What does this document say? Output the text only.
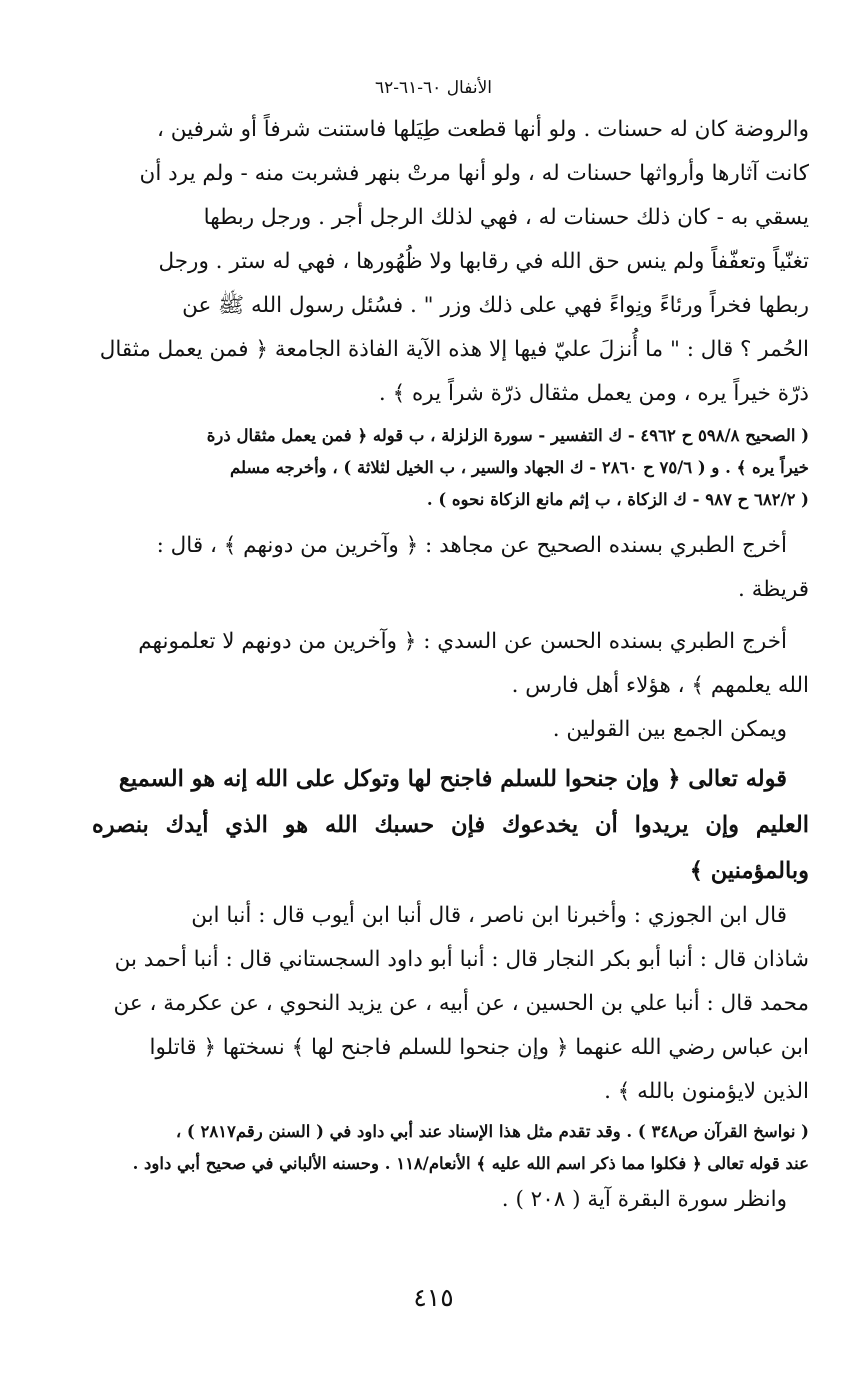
الأنفال ٦٠-٦١-٦٢

والروضة كان له حسنات . ولو أنها قطعت طِيَلها فاستنت شرفاً أو شرفين ،

كانت آثارها وأرواثها حسنات له ، ولو أنها مرتْ بنهر فشربت منه - ولم يرد أن

يسقي به - كان ذلك حسنات له ، فهي لذلك الرجل أجر . ورجل ربطها

تغنّياً وتعفّفاً ولم ينس حق الله في رقابها ولا ظُهُورها ، فهي له ستر . ورجل

ربطها فخراً ورئاءً ونِواءً فهي على ذلك وزر " . فسُئل رسول الله ﷺ عن

الحُمر ؟ قال : " ما أُنزلَ عليّ فيها إلا هذه الآية الفاذة الجامعة ﴿ فمن يعمل مثقال

ذرّة خيراً يره ، ومن يعمل مثقال ذرّة شراً يره ﴾ .

( الصحيح ٥٩٨/٨ ح ٤٩٦٢ - ك التفسير - سورة الزلزلة ، ب قوله ﴿ فمن يعمل مثقال ذرة

خيراً يره ﴾ . و ( ٧٥/٦ ح ٢٨٦٠ - ك الجهاد والسير ، ب الخيل لثلاثة ) ، وأخرجه مسلم

( ٦٨٢/٢ ح ٩٨٧ - ك الزكاة ، ب إثم مانع الزكاة نحوه ) .

أخرج الطبري بسنده الصحيح عن مجاهد : ﴿ وآخرين من دونهم ﴾ ، قال :

قريظة .

أخرج الطبري بسنده الحسن عن السدي : ﴿ وآخرين من دونهم لا تعلمونهم

الله يعلمهم ﴾ ، هؤلاء أهل فارس .

ويمكن الجمع بين القولين .

قوله تعالى ﴿ وإن جنحوا للسلم فاجنح لها وتوكل على الله إنه هو السميع

العليم وإن يريدوا أن يخدعوك فإن حسبك الله هو الذي أيدك بنصره وبالمؤمنين ﴾

قال ابن الجوزي : وأخبرنا ابن ناصر ، قال أنبا ابن أيوب قال : أنبا ابن

شاذان قال : أنبا أبو بكر النجار قال : أنبا أبو داود السجستاني قال : أنبا أحمد بن

محمد قال : أنبا علي بن الحسين ، عن أبيه ، عن يزيد النحوي ، عن عكرمة ، عن

ابن عباس رضي الله عنهما ﴿ وإن جنحوا للسلم فاجنح لها ﴾ نسختها ﴿ قاتلوا

الذين لايؤمنون بالله ﴾ .

( نواسخ القرآن ص٣٤٨ ) . وقد تقدم مثل هذا الإسناد عند أبي داود في ( السنن رقم٢٨١٧ ) ،

عند قوله تعالى ﴿ فكلوا مما ذكر اسم الله عليه ﴾ الأنعام/١١٨ . وحسنه الألباني في صحيح أبي داود .

وانظر سورة البقرة آية ( ٢٠٨ ) .

٤١٥
